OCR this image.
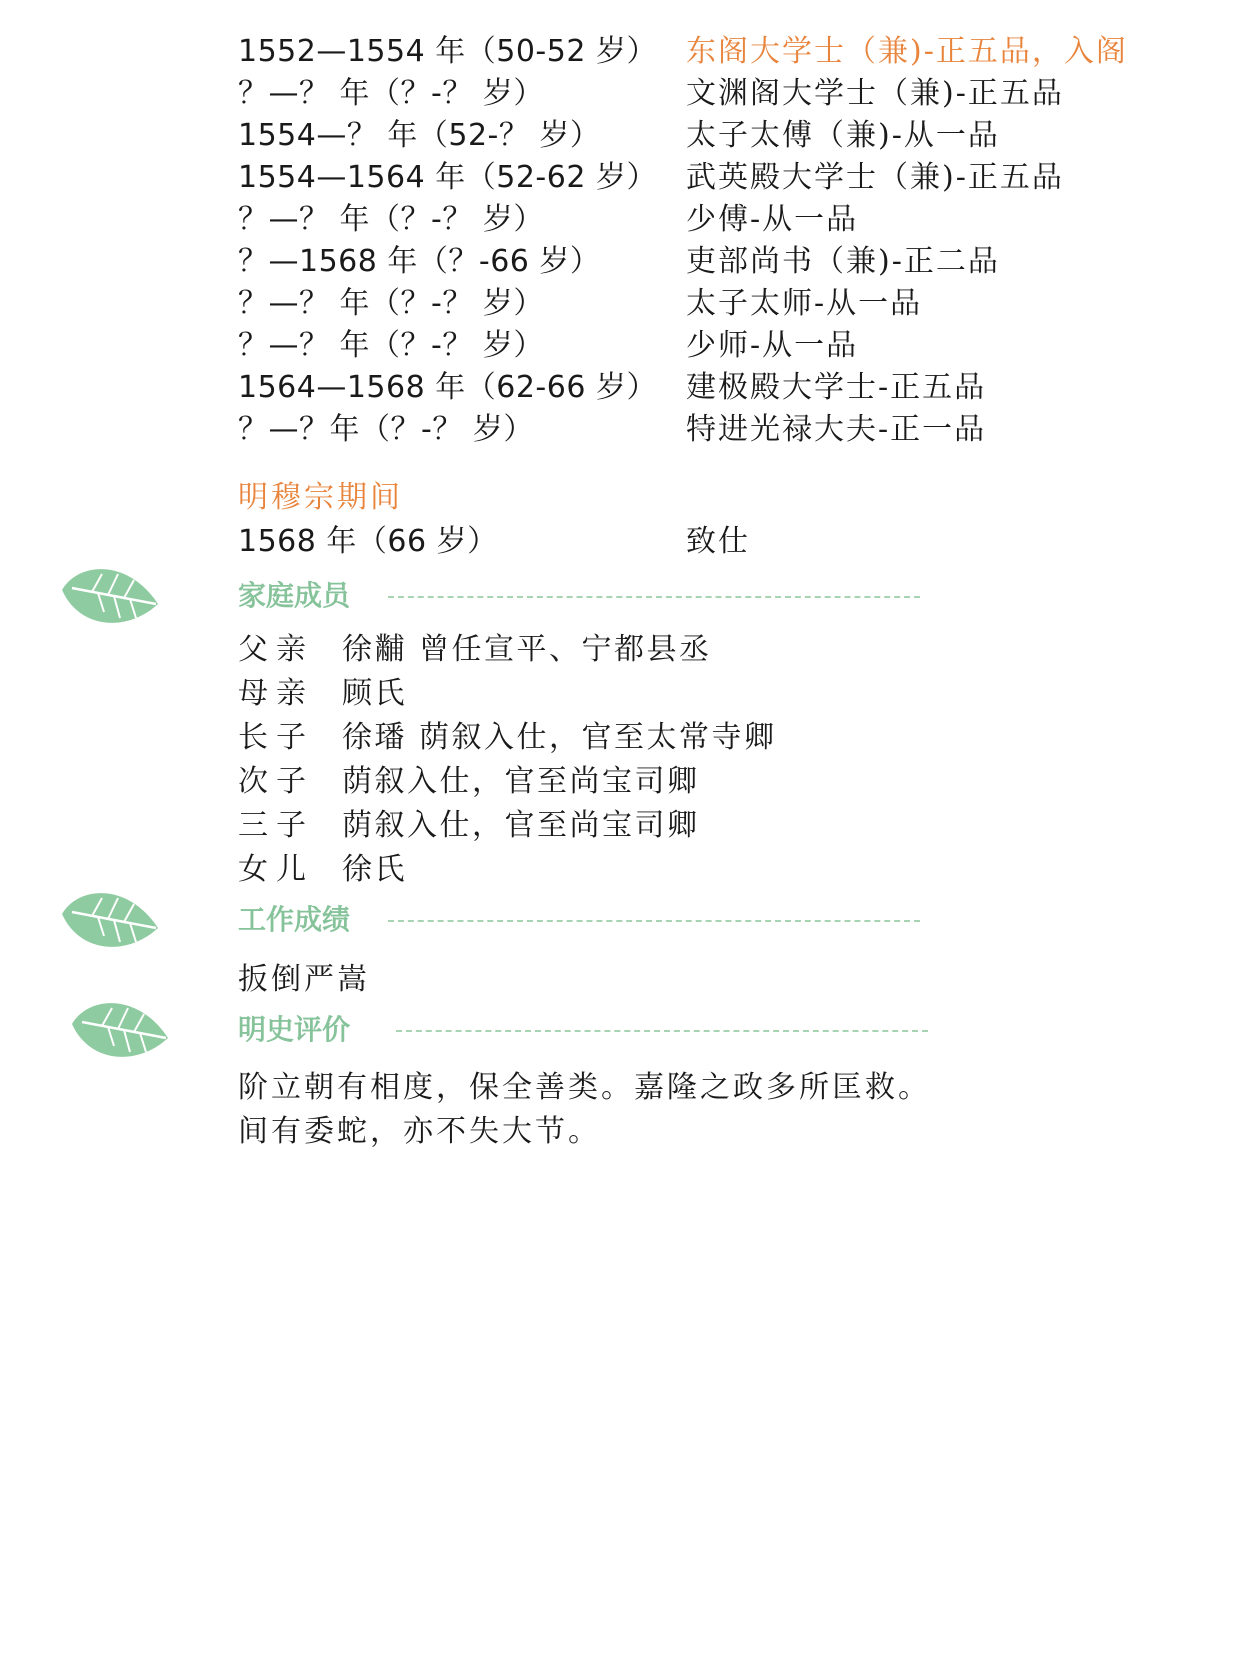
1552—1554 年（50-52 岁） 东阁大学士（兼)-正五品，入阁
？—？ 年（？-？ 岁）	文渊阁大学士（兼)-正五品
1554—？ 年（52-？ 岁）	太子太傅（兼)-从一品
1554—1564 年（52-62 岁） 武英殿大学士（兼)-正五品
？—？ 年（？-？ 岁）	少傅-从一品
？—1568 年（？-66 岁）	吏部尚书（兼)-正二品
？—？ 年（？-？ 岁）	太子太师-从一品
？—？ 年（？-？ 岁）	少师-从一品
1564—1568 年（62-66 岁） 建极殿大学士-正五品
？—？年（？-？ 岁）	特进光禄大夫-正一品
明穆宗期间
1568 年（66 岁）	致仕
家庭成员
父亲 徐黼 曾任宣平、宁都县丞
母亲 顾氏
长子 徐璠 荫叙入仕，官至太常寺卿
次子 荫叙入仕，官至尚宝司卿
三子 荫叙入仕，官至尚宝司卿
女儿 徐氏
工作成绩
扳倒严嵩
明史评价
阶立朝有相度，保全善类。嘉隆之政多所匡救。
间有委蛇，亦不失大节。
